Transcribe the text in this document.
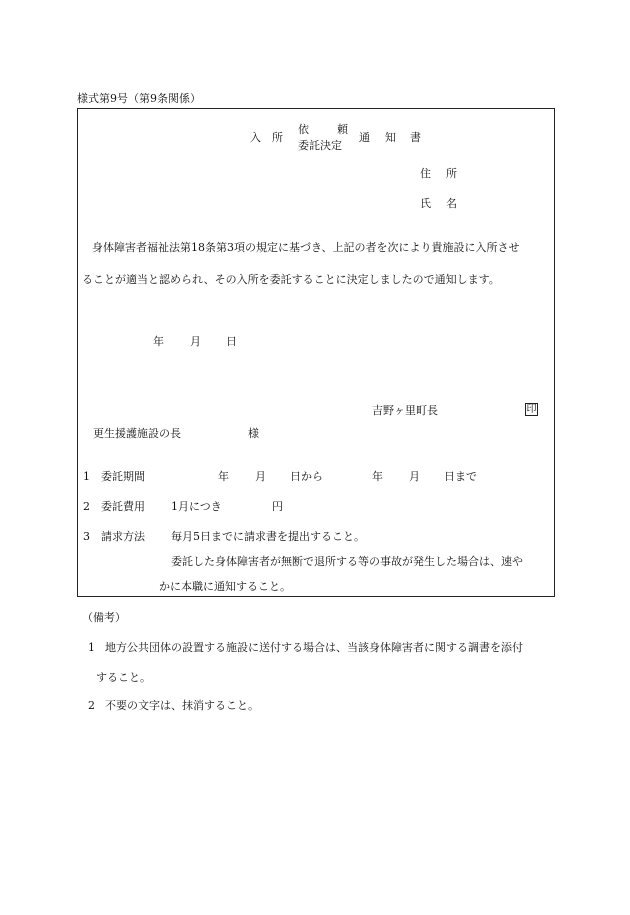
様式第9号（第9条関係）
入 所
依	頼
委託決定
通 知 書
住 所
氏 名
身体障害者福祉法第18条第3項の規定に基づき、上記の者を次により貴施設に入所させ
ることが適当と認められ、その入所を委託することに決定しましたので通知します。
年 月 日
吉野ヶ里町長	印
更生援護施設の長	様
1 委託期間	年 月 日から	年 月 日まで
2 委託費用 1月につき	円
3 請求方法 毎月5日までに請求書を提出すること。
委託した身体障害者が無断で退所する等の事故が発生した場合は、速や
かに本職に通知すること。
（備考）
1 地方公共団体の設置する施設に送付する場合は、当該身体障害者に関する調書を添付
すること。
2 不要の文字は、抹消すること。
